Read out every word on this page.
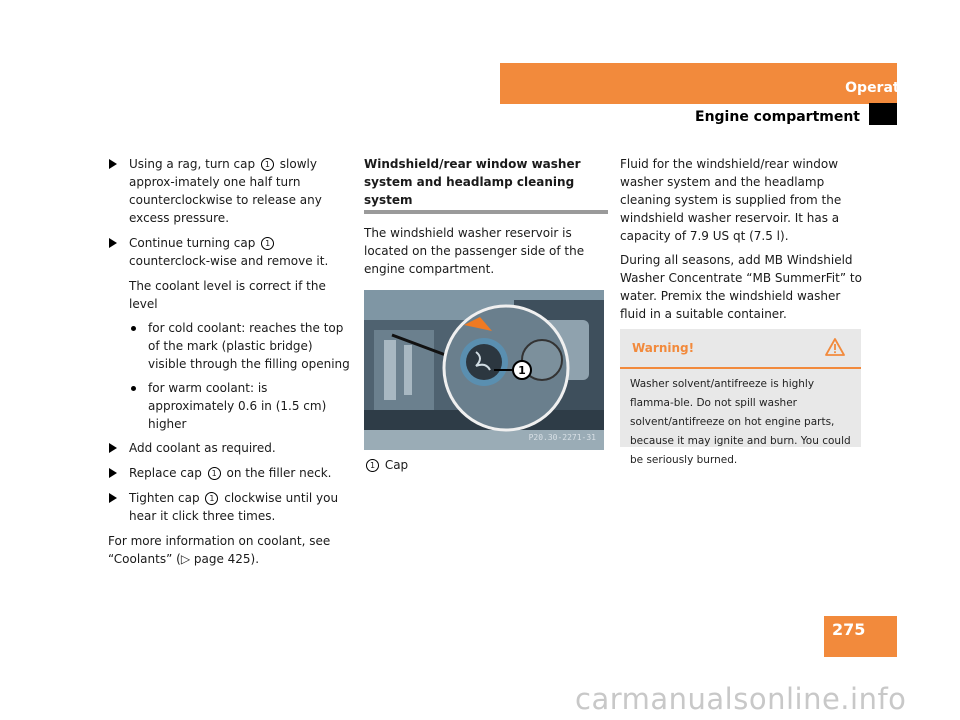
Operation
Engine compartment
Using a rag, turn cap 1 slowly approx-imately one half turn counterclockwise to release any excess pressure.
Continue turning cap 1 counterclock-wise and remove it.
The coolant level is correct if the level
for cold coolant: reaches the top of the mark (plastic bridge) visible through the filling opening
for warm coolant: is approximately 0.6 in (1.5 cm) higher
Add coolant as required.
Replace cap 1 on the filler neck.
Tighten cap 1 clockwise until you hear it click three times.
For more information on coolant, see “Coolants” (▷ page 425).
Windshield/rear window washer system and headlamp cleaning system
The windshield washer reservoir is located on the passenger side of the engine compartment.
1
P20.30-2271-31
1 Cap
Fluid for the windshield/rear window washer system and the headlamp cleaning system is supplied from the windshield washer reservoir. It has a capacity of 7.9 US qt (7.5 l).
During all seasons, add MB Windshield Washer Concentrate “MB SummerFit” to water. Premix the windshield washer fluid in a suitable container.
Warning!
Washer solvent/antifreeze is highly flamma-ble. Do not spill washer solvent/antifreeze on hot engine parts, because it may ignite and burn. You could be seriously burned.
275
carmanualsonline.info
